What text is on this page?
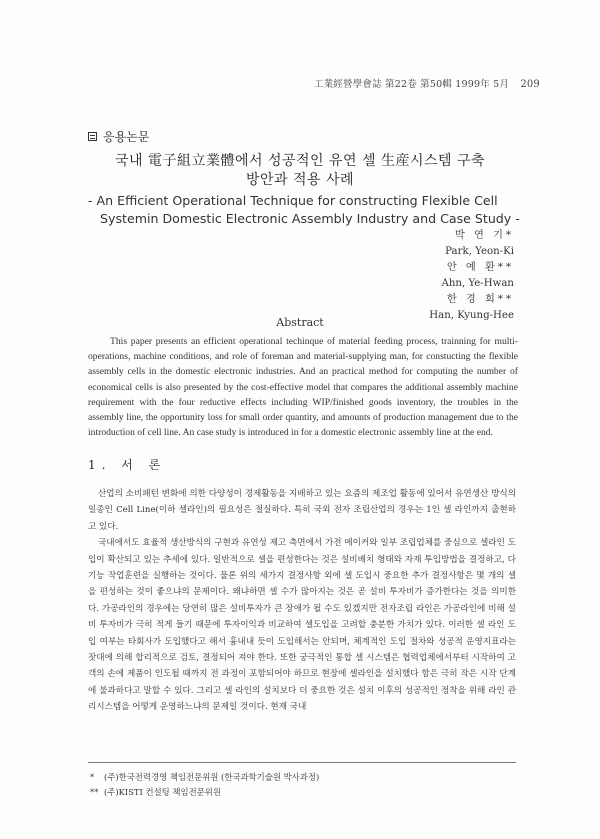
工業經營學會誌 第22卷 第50輯 1999年 5月 209
응용논문
국내 電子組立業體에서 성공적인 유연 셀 生産시스템 구축
방안과 적용 사례
- An Efficient Operational Technique for constructing Flexible Cell
Systemin Domestic Electronic Assembly Industry and Case Study -
박 연 기*
Park, Yeon-Ki
안 예 환**
Ahn, Ye-Hwan
한 경 희**
Han, Kyung-Hee
Abstract
This paper presents an efficient operational techinque of material feeding process, trainning for multi-operations, machine conditions, and role of foreman and material-supplying man, for constucting the flexible assembly cells in the domestic electronic industries. And an practical method for computing the number of economical cells is also presented by the cost-effective model that compares the additional assembly machine requirement with the four reductive effects including WIP/finished goods inventory, the troubles in the assembly line, the opportunity loss for small order quantity, and amounts of production management due to the introduction of cell line. An case study is introduced in for a domestic electronic assembly line at the end.
1. 서 론

산업의 소비패턴 변화에 의한 다양성이 경제활동을 지배하고 있는 요즘의 제조업 활동에 있어서 유연생산 방식의 일종인 Cell Line(이하 셀라인)의 필요성은 절실하다. 특히 국외 전자 조립산업의 경우는 1인 셀 라인까지 출현하고 있다.

국내에서도 효율적 생산방식의 구현과 유연성 제고 측면에서 가전 메이커와 일부 조립업체를 중심으로 셀라인 도입이 확산되고 있는 추세에 있다. 일반적으로 셀을 편성한다는 것은 설비배치 형태와 자재 투입방법을 결정하고, 다기능 작업훈련을 실행하는 것이다. 물론 위의 세가지 결정사항 외에 셀 도입시 중요한 추가 결정사항은 몇 개의 셀을 편성하는 것이 좋으냐의 문제이다. 왜냐하면 셀 수가 많아지는 것은 곧 설비 투자비가 증가한다는 것을 의미한다. 가공라인의 경우에는 당연히 많은 설비투자가 큰 장애가 될 수도 있겠지만 전자조립 라인은 가공라인에 비해 설비 투자비가 극히 적게 들기 때문에 투자이익과 비교하여 셀도입을 고려할 충분한 가치가 있다. 이러한 셀 라인 도입 여부는 타회사가 도입했다고 해서 흉내내 듯이 도입해서는 안되며, 체계적인 도입 절차와 성공적 운영지표라는 잣대에 의해 합리적으로 검토, 결정되어 져야 한다. 또한 궁극적인 통합 셀 시스템은 협력업체에서부터 시작하여 고객의 손에 제품이 인도될 때까지 전 과정이 포함되어야 하므로 현장에 셀라인을 설치했다 함은 극히 작은 시작 단계에 불과하다고 말할 수 있다. 그리고 셀 라인의 설치보다 더 중요한 것은 설치 이후의 성공적인 정착을 위해 라인 관리시스템을 어떻게 운영하느냐의 문제일 것이다. 현재 국내

* (주)한국전력경영 책임전문위원 (한국과학기술원 박사과정)
** (주)KISTI 컨설팅 책임전문위원
